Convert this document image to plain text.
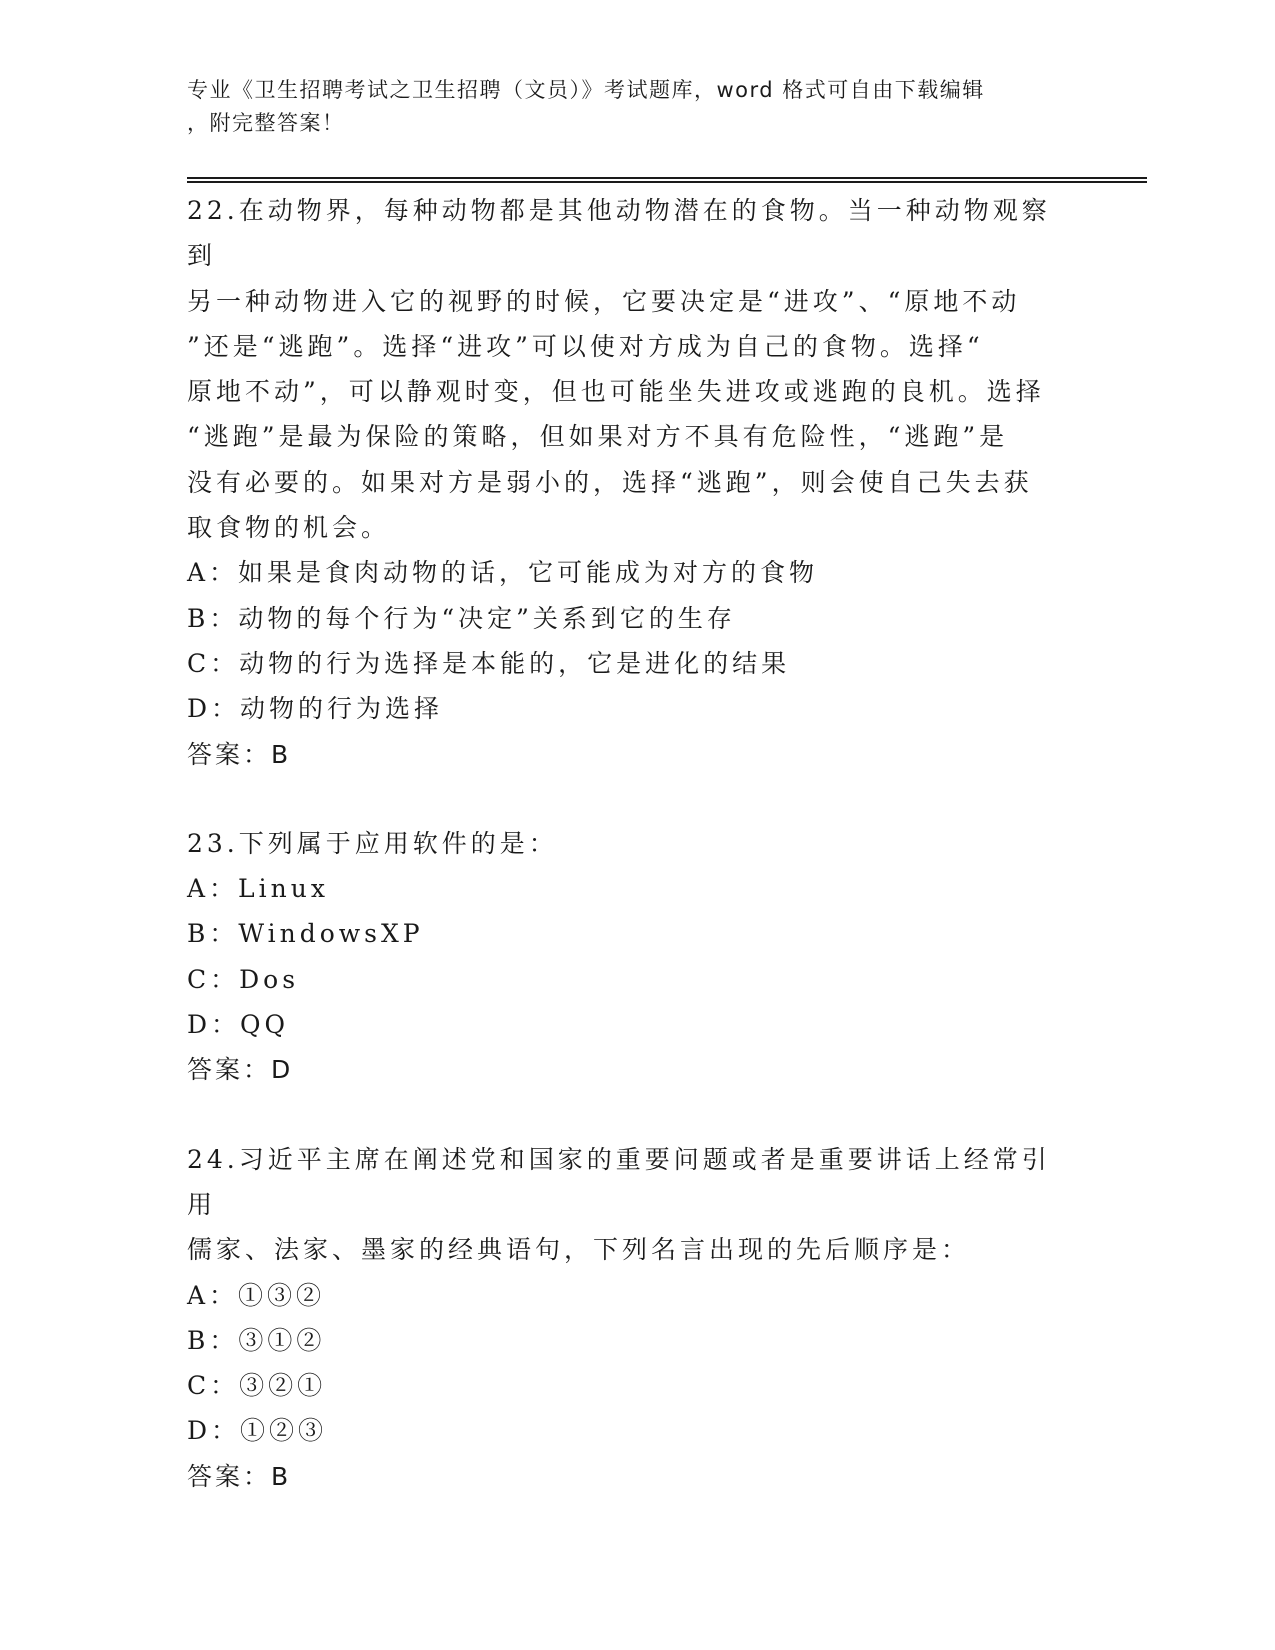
专业《卫生招聘考试之卫生招聘（文员）》考试题库，word 格式可自由下载编辑
，附完整答案！
22.在动物界，每种动物都是其他动物潜在的食物。当一种动物观察到
另一种动物进入它的视野的时候，它要决定是“进攻”、“原地不动
”还是“逃跑”。选择“进攻”可以使对方成为自己的食物。选择“
原地不动”，可以静观时变，但也可能坐失进攻或逃跑的良机。选择
“逃跑”是最为保险的策略，但如果对方不具有危险性，“逃跑”是
没有必要的。如果对方是弱小的，选择“逃跑”，则会使自己失去获
取食物的机会。
A：如果是食肉动物的话，它可能成为对方的食物
B：动物的每个行为“决定”关系到它的生存
C：动物的行为选择是本能的，它是进化的结果
D：动物的行为选择
答案：B
23.下列属于应用软件的是：
A：Linux
B：WindowsXP
C：Dos
D：QQ
答案：D
24.习近平主席在阐述党和国家的重要问题或者是重要讲话上经常引用
儒家、法家、墨家的经典语句，下列名言出现的先后顺序是：
A：①③②
B：③①②
C：③②①
D：①②③
答案：B
